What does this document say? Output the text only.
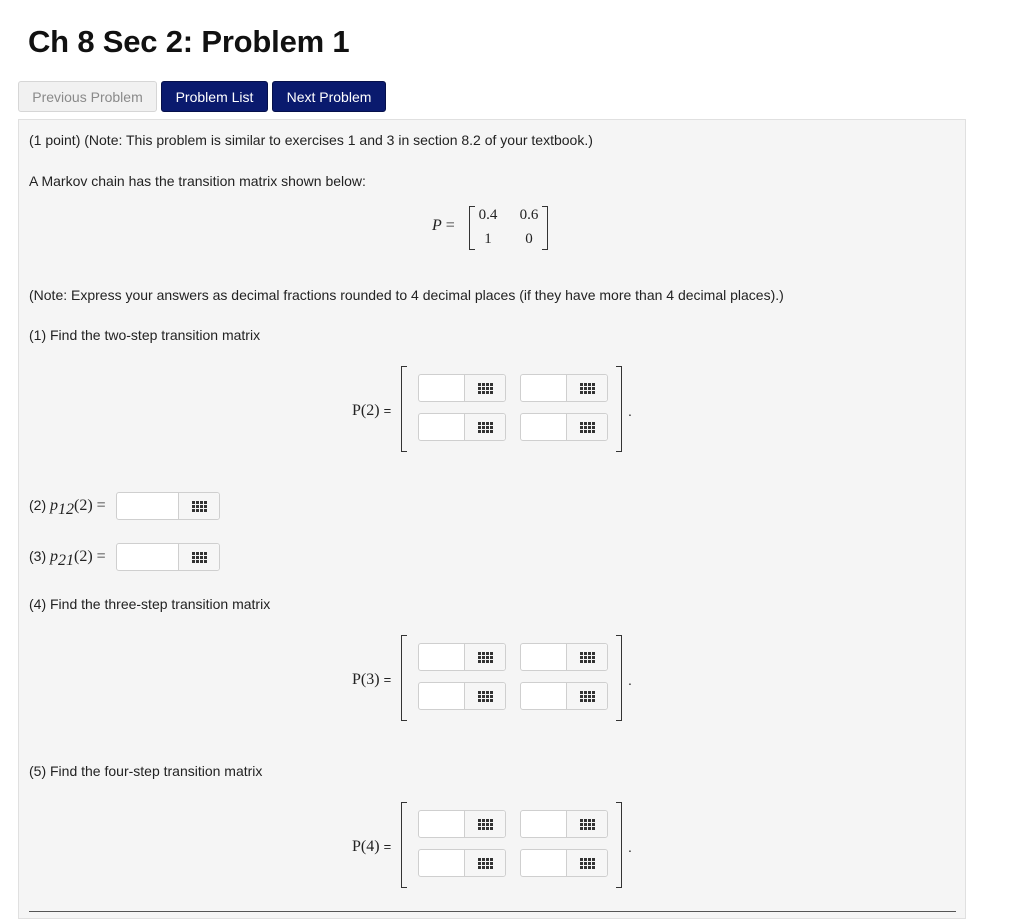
Ch 8 Sec 2: Problem 1
Previous Problem	Problem List	Next Problem
(1 point) (Note: This problem is similar to exercises 1 and 3 in section 8.2 of your textbook.)
A Markov chain has the transition matrix shown below:
P =
0.4	0.6
1	0
(Note: Express your answers as decimal fractions rounded to 4 decimal places (if they have more than 4 decimal places).)
(1) Find the two-step transition matrix
P(2) =	.
(2) $p_{12}(2)$ =
(3) $p_{21}(2)$ =
(4) Find the three-step transition matrix
P(3) =	.
(5) Find the four-step transition matrix
P(4) =	.
